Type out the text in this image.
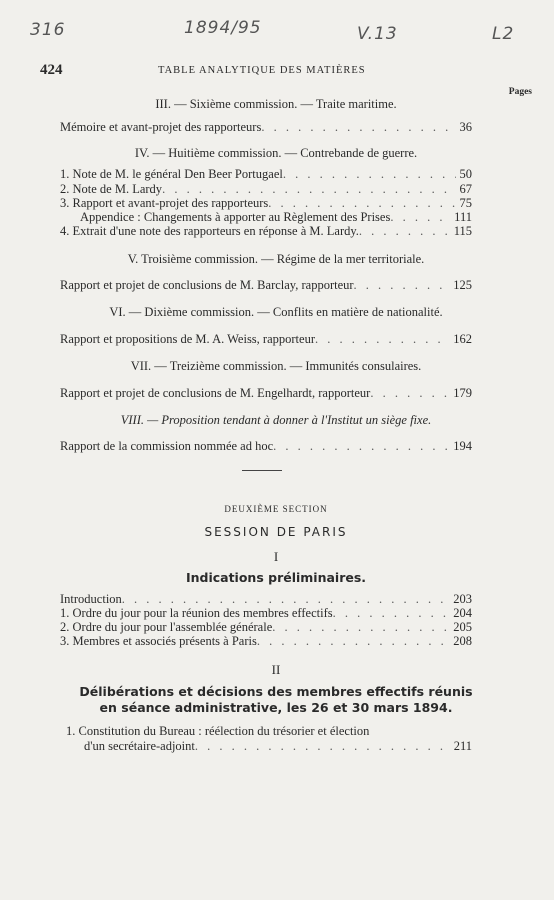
316	1894/95	V.13	L2
424	TABLE ANALYTIQUE DES MATIÈRES
Pages
III. — Sixième commission. — Traite maritime.
Mémoire et avant-projet des rapporteurs . . .	36
IV. — Huitième commission. — Contrebande de guerre.
1. Note de M. le général Den Beer Portugael . . .	50
2. Note de M. Lardy . . .	67
3. Rapport et avant-projet des rapporteurs . . .	75
Appendice : Changements à apporter au Règlement des Prises . . .	111
4. Extrait d'une note des rapporteurs en réponse à M. Lardy. . . .	115
V. Troisième commission. — Régime de la mer territoriale.
Rapport et projet de conclusions de M. Barclay, rapporteur . . .	125
VI. — Dixième commission. — Conflits en matière de nationalité.
Rapport et propositions de M. A. Weiss, rapporteur . . .	162
VII. — Treizième commission. — Immunités consulaires.
Rapport et projet de conclusions de M. Engelhardt, rapporteur . . .	179
VIII. — Proposition tendant à donner à l'Institut un siège fixe.
Rapport de la commission nommée ad hoc . . .	194
DEUXIÈME SECTION
SESSION DE PARIS
I
Indications préliminaires.
Introduction . . .	203
1. Ordre du jour pour la réunion des membres effectifs . . .	204
2. Ordre du jour pour l'assemblée générale . . .	205
3. Membres et associés présents à Paris . . .	208
II
Délibérations et décisions des membres effectifs réunis
en séance administrative, les 26 et 30 mars 1894.
1. Constitution du Bureau : réélection du trésorier et élection
d'un secrétaire-adjoint . . .	211
